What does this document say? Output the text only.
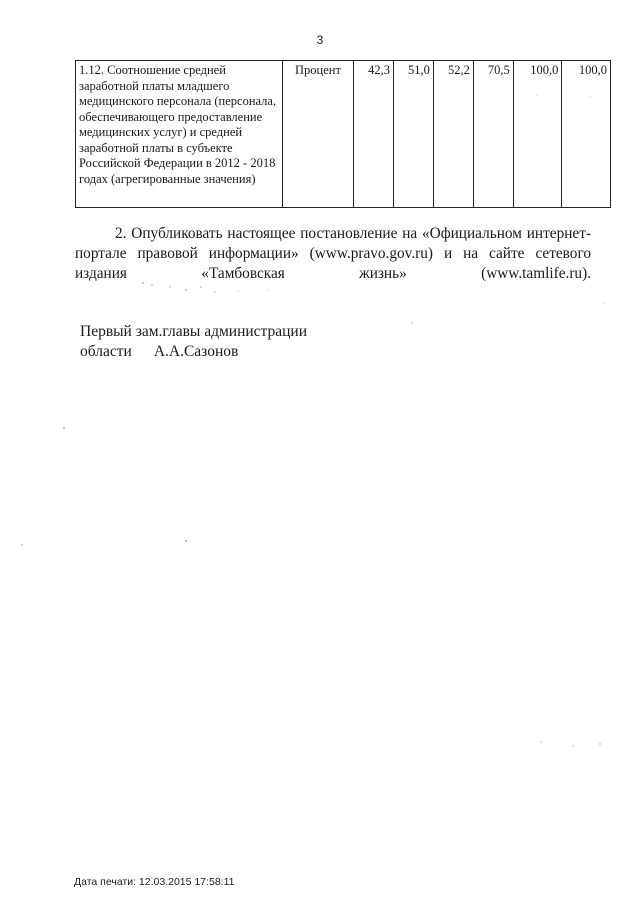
3
1.12. Соотношение средней заработной платы младшего медицинского персонала (персонала, обеспечивающего предоставление медицинских услуг) и средней заработной платы в субъекте Российской Федерации в 2012 - 2018 годах (агрегированные значения)	Процент	42,3	51,0	52,2	70,5	100,0	100,0

2. Опубликовать настоящее постановление на «Официальном интернет-портале правовой информации» (www.pravo.gov.ru) и на сайте сетевого издания «Тамбовская жизнь» (www.tamlife.ru).

Первый зам.главы администрации
области А.А.Сазонов
Дата печати: 12.03.2015 17:58:11
